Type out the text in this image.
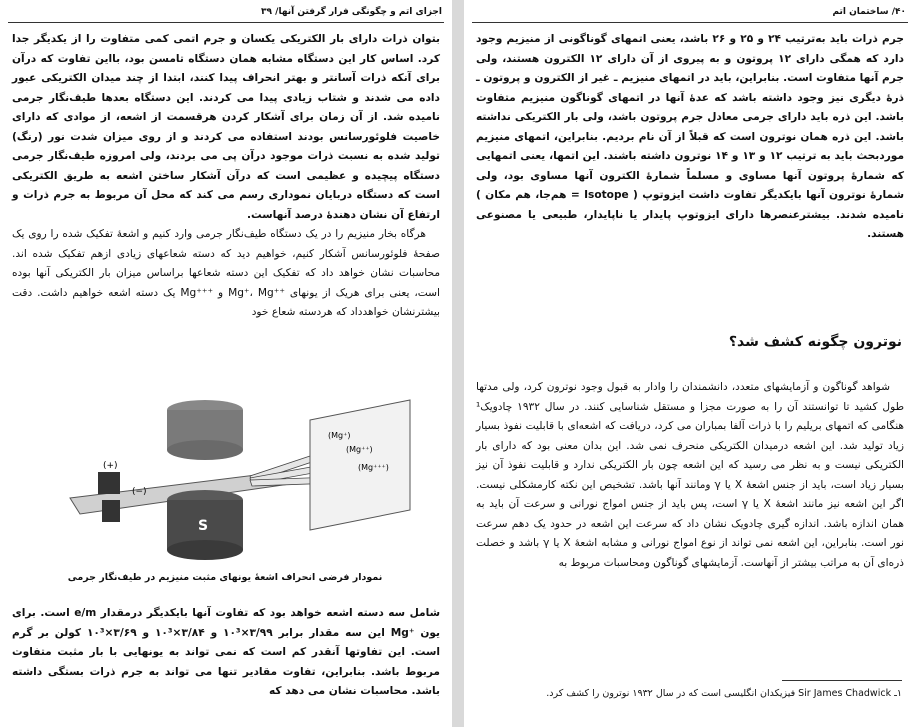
اجزای اتم و چگونگی فرار گرفتن آنها/ ۳۹

بتوان ذرات دارای بار الکتریکی یکسان و جرم اتمی کمی متفاوت را از یکدیگر جدا کرد. اساس کار این دستگاه مشابه همان دستگاه تامسن بود، بااین تفاوت که درآن برای آنکه ذرات آسانتر و بهتر انحراف پیدا کنند، ابتدا از چند میدان الکتریکی عبور داده می شدند و شتاب زیادی پیدا می کردند. این دستگاه بعدها طیف‌نگار جرمی نامیده شد. از آن زمان برای آشکار کردن هرقسمت از اشعه، از موادی که دارای خاصیت فلوئورسانس بودند استفاده می کردند و از روی میزان شدت نور (رنگ) تولید شده به نسبت ذرات موجود درآن پی می بردند، ولی امروزه طیف‌نگار جرمی دستگاه پیچیده و عظیمی است که درآن آشکار ساختن اشعه به طریق الکتریکی است که دستگاه دربایان نموداری رسم می کند که محل آن مربوط به جرم ذرات و ارتفاع آن نشان دهندهٔ درصد آنهاست.

هرگاه بخار منیزیم را در یک دستگاه طیف‌نگار جرمی وارد کنیم و اشعهٔ تفکیک شده را روی یک صفحهٔ فلوئورسانس آشکار کنیم، خواهیم دید که دسته شعاعهای زیادی ازهم تفکیک شده اند. محاسبات نشان خواهد داد که تفکیک این دسته شعاعها براساس میزان بار الکتریکی آنها بوده است، یعنی برای هریک از یونهای ‎Mg⁺‎، ‎Mg⁺⁺‎ و ‎Mg⁺⁺⁺‎ یک دسته اشعه خواهیم داشت. دقت بیشترنشان خواهدداد که هردسته شعاع خود

(+)
(−)
(Mg⁺)
(Mg⁺⁺)
(Mg⁺⁺⁺)
S
نمودار فرضی انحراف اشعهٔ یونهای مثبت منیزیم در طیف‌نگار جرمی

شامل سه دسته اشعه خواهد بود که تفاوت آنها بایکدیگر درمقدار e/m است. برای یون ‎Mg⁺‎ این سه مقدار برابر ۳/۹۹×۱۰³ و ۳/۸۴×۱۰³ و ۳/۶۹×۱۰³ کولن بر گرم است. این تفاوتها آنقدر کم است که نمی تواند به یونهایی با بار مثبت متفاوت مربوط باشد. بنابراین، تفاوت مقادیر تنها می تواند به جرم ذرات بستگی داشته باشد. محاسبات نشان می دهد که

۴۰/ ساختمان اتم

جرم ذرات باید به‌ترتیب ۲۴ و ۲۵ و ۲۶ باشد، یعنی اتمهای گوناگونی از منیزیم وجود دارد که همگی دارای ۱۲ پروتون و به پیروی از آن دارای ۱۲ الکترون هستند، ولی جرم آنها متفاوت است. بنابراین، باید در اتمهای منیزیم ـ غیر از الکترون و پروتون ـ ذرهٔ دیگری نیز وجود داشته باشد که عدهٔ آنها در اتمهای گوناگون منیزیم متفاوت باشد. این ذره باید دارای جرمی معادل جرم پروتون باشد، ولی بار الکتریکی نداشته باشد. این ذره همان نوترون است که قبلاً از آن نام بردیم. بنابراین، اتمهای منیزیم موردبحث باید به ترتیب ۱۲ و ۱۳ و ۱۴ نوترون داشته باشند. این اتمها، یعنی اتمهایی که شمارهٔ پروتون آنها مساوی و مسلماً شمارهٔ الکترون آنها مساوی بود، ولی شمارهٔ نوترون آنها بایکدیگر تفاوت داشت ایزوتوپ ( Isotope = هم‌جا، هم مکان ) نامیده شدند. بیشترعنصرها دارای ایزوتوپ پایدار یا ناپایدار، طبیعی یا مصنوعی هستند.

نوترون چگونه کشف شد؟

شواهد گوناگون و آزمایشهای متعدد، دانشمندان را وادار به قبول وجود نوترون کرد، ولی مدتها طول کشید تا توانستند آن را به صورت مجزا و مستقل شناسایی کنند. در سال ۱۹۳۲ چادویک¹ هنگامی که اتمهای بریلیم را با ذرات آلفا بمباران می کرد، دریافت که اشعه‌ای با قابلیت نفوذ بسیار زیاد تولید شد. این اشعه درمیدان الکتریکی منحرف نمی شد. این بدان معنی بود که دارای بار الکتریکی نیست و به نظر می رسید که این اشعه چون بار الکتریکی ندارد و قابلیت نفوذ آن نیز بسیار زیاد است، باید از جنس اشعهٔ X یا γ ومانند آنها باشد. تشخیص این نکته کارمشکلی نیست. اگر این اشعه نیز مانند اشعهٔ X یا γ است، پس باید از جنس امواج نورانی و سرعت آن باید به همان اندازه باشد. اندازه گیری چادویک نشان داد که سرعت این اشعه در حدود یک دهم سرعت نور است. بنابراین، این اشعه نمی تواند از نوع امواج نورانی و مشابه اشعهٔ X یا γ باشد و خصلت ذره‌ای آن به مراتب بیشتر از آنهاست. آزمایشهای گوناگون ومحاسبات مربوط به

۱ـ Sir James Chadwick فیزیکدان انگلیسی است که در سال ۱۹۳۲ نوترون را کشف کرد.
